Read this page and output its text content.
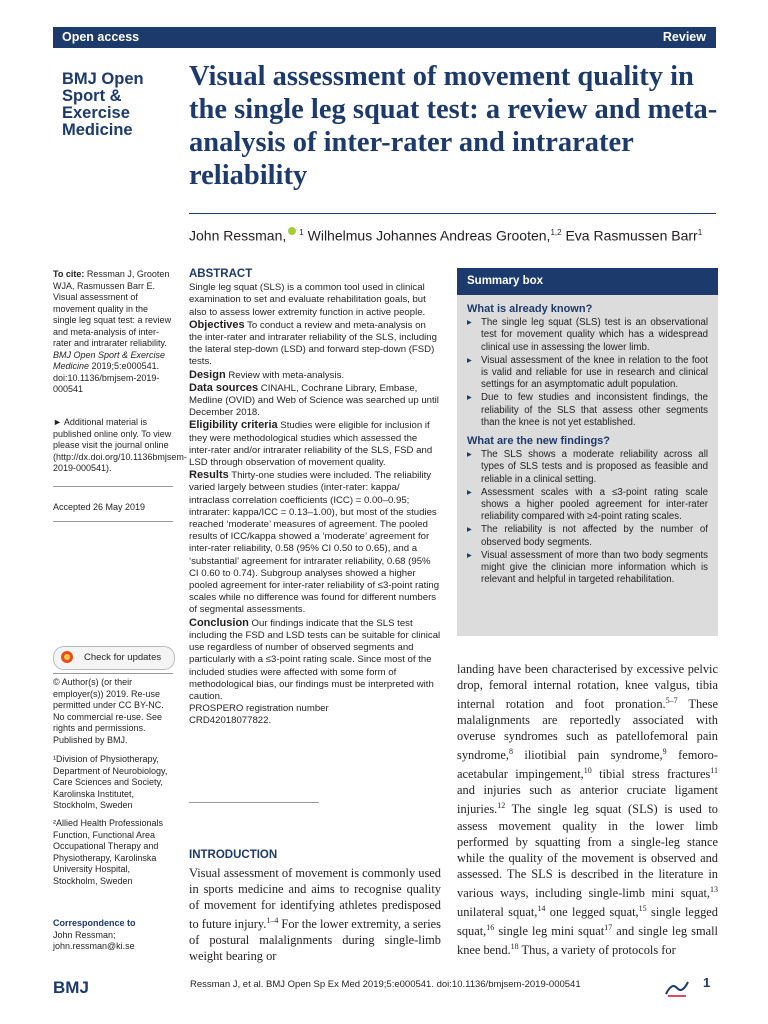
Open access	Review
BMJ Open
Sport &
Exercise
Medicine
Visual assessment of movement quality in the single leg squat test: a review and meta-analysis of inter-rater and intrarater reliability
John Ressman, $^1$ Wilhelmus Johannes Andreas Grooten,$^{1,2}$ Eva Rasmussen Barr$^1$

To cite: Ressman J, Grooten WJA, Rasmussen Barr E. Visual assessment of movement quality in the single leg squat test: a review and meta-analysis of inter-rater and intrarater reliability. BMJ Open Sport & Exercise Medicine 2019;5:e000541. doi:10.1136/bmjsem-2019-000541

► Additional material is published online only. To view please visit the journal online (http://dx.doi.org/10.1136bmjsem-2019-000541).
Accepted 26 May 2019
Check for updates
© Author(s) (or their employer(s)) 2019. Re-use permitted under CC BY-NC. No commercial re-use. See rights and permissions. Published by BMJ.
¹Division of Physiotherapy, Department of Neurobiology, Care Sciences and Society, Karolinska Institutet, Stockholm, Sweden
²Allied Health Professionals Function, Functional Area Occupational Therapy and Physiotherapy, Karolinska University Hospital, Stockholm, Sweden

Correspondence to

John Ressman;

john.ressman@ki.se

ABSTRACT

Single leg squat (SLS) is a common tool used in clinical examination to set and evaluate rehabilitation goals, but also to assess lower extremity function in active people.

Objectives To conduct a review and meta-analysis on the inter-rater and intrarater reliability of the SLS, including the lateral step-down (LSD) and forward step-down (FSD) tests.

Design Review with meta-analysis.

Data sources CINAHL, Cochrane Library, Embase, Medline (OVID) and Web of Science was searched up until December 2018.

Eligibility criteria Studies were eligible for inclusion if they were methodological studies which assessed the inter-rater and/or intrarater reliability of the SLS, FSD and LSD through observation of movement quality.

Results Thirty-one studies were included. The reliability varied largely between studies (inter-rater: kappa/ intraclass correlation coefficients (ICC) = 0.00–0.95; intrarater: kappa/ICC = 0.13–1.00), but most of the studies reached ‘moderate’ measures of agreement. The pooled results of ICC/kappa showed a ‘moderate’ agreement for inter-rater reliability, 0.58 (95% CI 0.50 to 0.65), and a ‘substantial’ agreement for intrarater reliability, 0.68 (95% CI 0.60 to 0.74). Subgroup analyses showed a higher pooled agreement for inter-rater reliability of ≤3-point rating scales while no difference was found for different numbers of segmental assessments.

Conclusion Our findings indicate that the SLS test including the FSD and LSD tests can be suitable for clinical use regardless of number of observed segments and particularly with a ≤3-point rating scale. Since most of the included studies were affected with some form of methodological bias, our findings must be interpreted with caution.

PROSPERO registration number

CRD42018077822.

Summary box
What is already known?
▸ The single leg squat (SLS) test is an observational test for movement quality which has a widespread clinical use in assessing the lower limb.
▸ Visual assessment of the knee in relation to the foot is valid and reliable for use in research and clinical settings for an asymptomatic adult population.
▸ Due to few studies and inconsistent findings, the reliability of the SLS that assess other segments than the knee is not yet established.
What are the new findings?
▸ The SLS shows a moderate reliability across all types of SLS tests and is proposed as feasible and reliable in a clinical setting.
▸ Assessment scales with a ≤3-point rating scale shows a higher pooled agreement for inter-rater reliability compared with ≥4-point rating scales.
▸ The reliability is not affected by the number of observed body segments.
▸ Visual assessment of more than two body segments might give the clinician more information which is relevant and helpful in targeted rehabilitation.
INTRODUCTION
Visual assessment of movement is commonly used in sports medicine and aims to recognise quality of movement for identifying athletes predisposed to future injury.$^{1-4}$ For the lower extremity, a series of postural malalignments during single-limb weight bearing or
landing have been characterised by excessive pelvic drop, femoral internal rotation, knee valgus, tibia internal rotation and foot pronation.$^{5-7}$ These malalignments are reportedly associated with overuse syndromes such as patellofemoral pain syndrome,$^8$ iliotibial pain syndrome,$^9$ femoro-acetabular impingement,$^{10}$ tibial stress fractures$^{11}$ and injuries such as anterior cruciate ligament injuries.$^{12}$ The single leg squat (SLS) is used to assess movement quality in the lower limb performed by squatting from a single-leg stance while the quality of the movement is observed and assessed. The SLS is described in the literature in various ways, including single-limb mini squat,$^{13}$ unilateral squat,$^{14}$ one legged squat,$^{15}$ single legged squat,$^{16}$ single leg mini squat$^{17}$ and single leg small knee bend.$^{18}$ Thus, a variety of protocols for
BMJ	Ressman J, et al. BMJ Open Sp Ex Med 2019;5:e000541. doi:10.1136/bmjsem-2019-000541	1
